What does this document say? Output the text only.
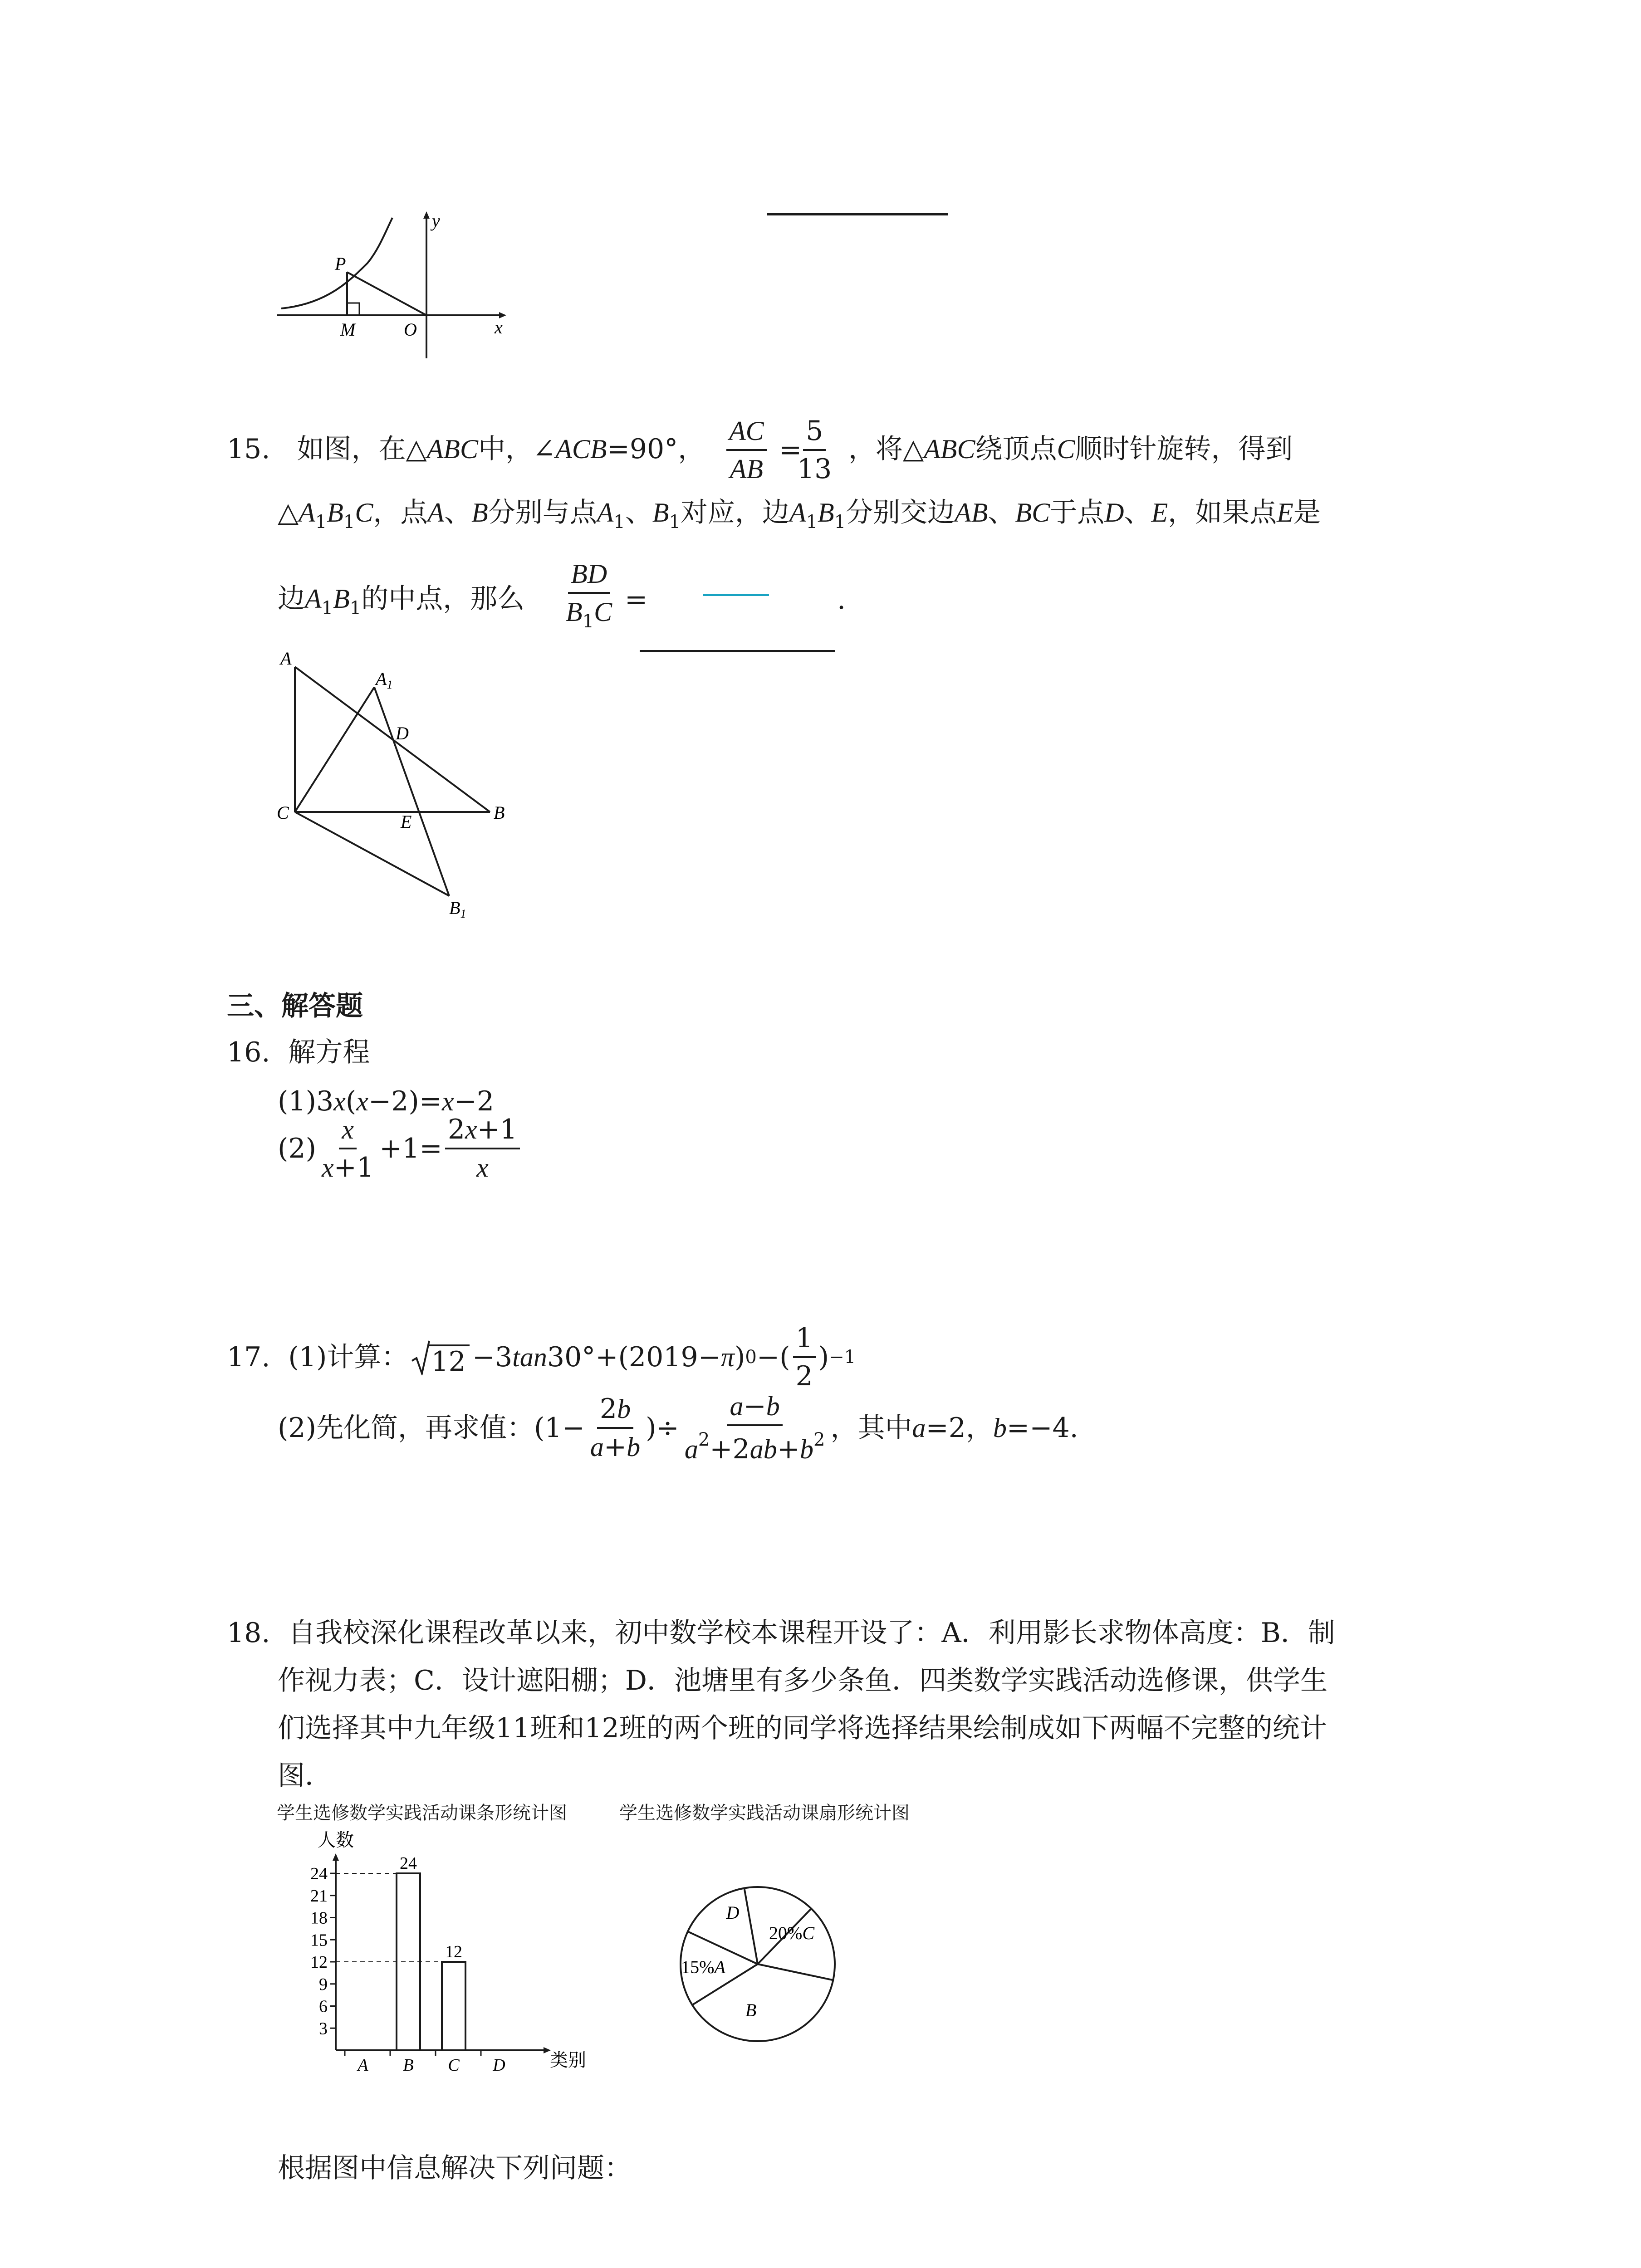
y
x
P
M	O
15. 如图，在△ABC中，∠ACB=90°， $\frac{AC}{AB}$ =
$\frac{5}{13}$ ，将△ABC绕顶点C顺时针旋转，得到
$\triangle A_1B_1C$，点A、B分别与点$A_1$、$B_1$对应，边$A_1B_1$分别交边AB、BC于点D、E，如果点E是
边$A_1B_1$的中点，那么 $\frac{BD}{B_1C}$ =	.
A
$A_1$
D
C	E	B
$B_1$
三、解答题
16. 解方程
(1)3x(x−2)=x−2
$(2) \frac{x}{x+1} +1= \frac{2x+1}{x}$
17. (1)计算： 12 −3 tan 30°+(2019− π ) 0 −( $\frac{1}{2}$ ) −1
(2)先化简，再求值：($1- \frac{2b}{a+b}$ )÷ $\frac{a-b}{a^2+2ab+b^2}$ ，其中 a =2， b =−4.
18. 自我校深化课程改革以来，初中数学校本课程开设了：A．利用影长求物体高度：B．制
作视力表；C．设计遮阳棚；D．池塘里有多少条鱼．四类数学实践活动选修课，供学生
们选择其中九年级11班和12班的两个班的同学将选择结果绘制成如下两幅不完整的统计
图．
学生选修数学实践活动课条形统计图	学生选修数学实践活动课扇形统计图
3
6
9
12
15
18
21
24
A B
24
C
12
D
人数
类别
15%A
20%C
B
D
根据图中信息解决下列问题：
